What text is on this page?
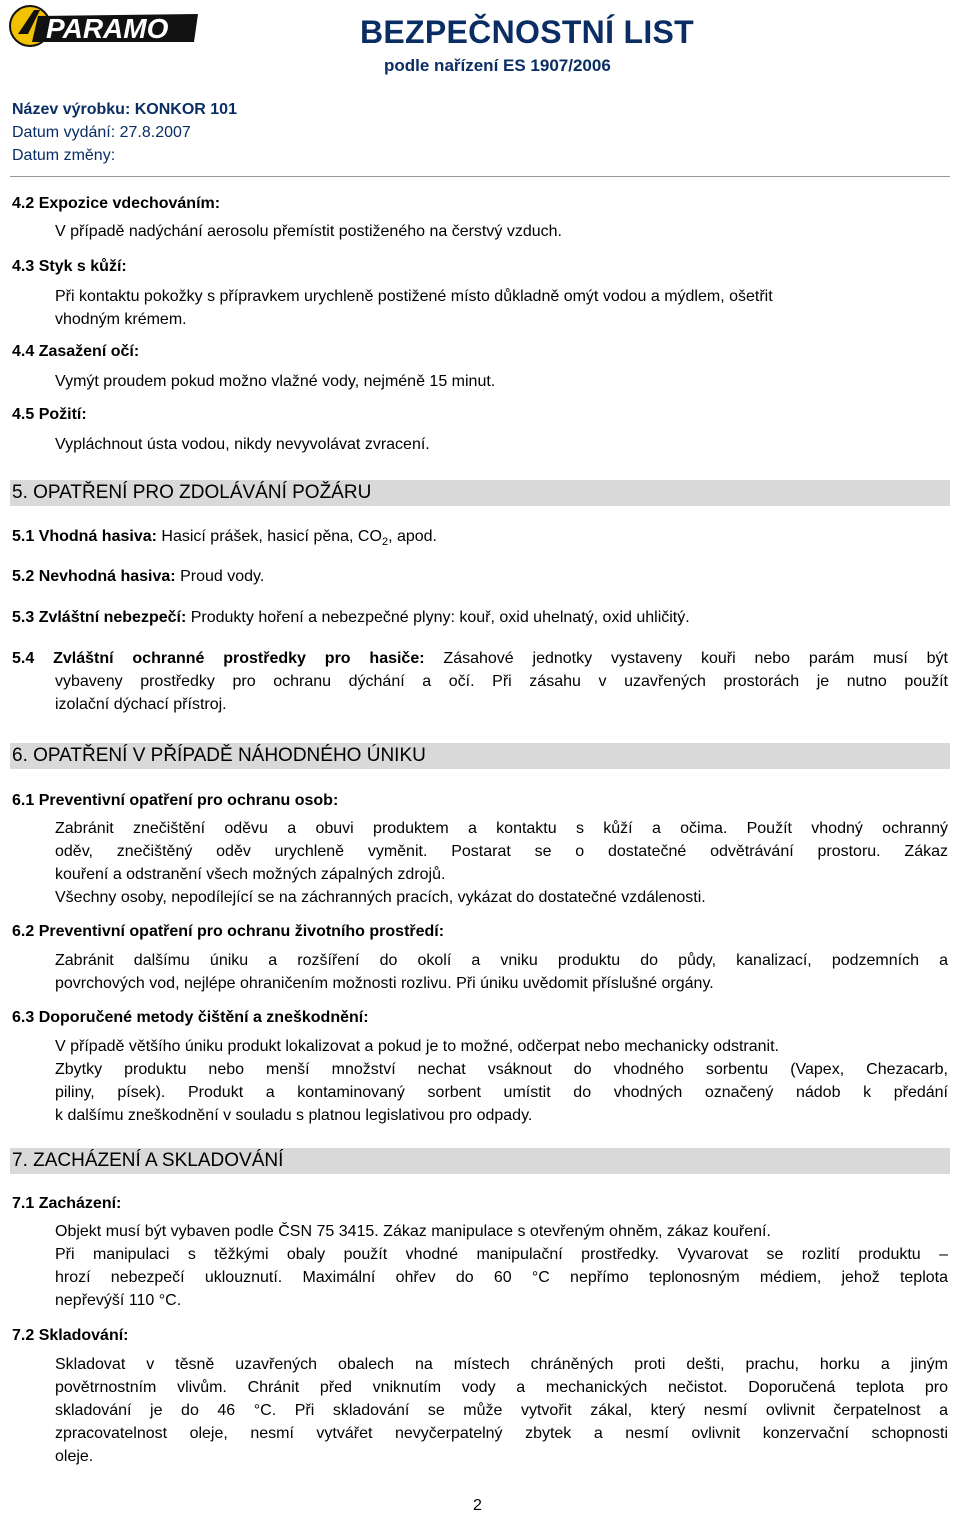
PARAMO	BEZPEČNOSTNÍ LIST
podle nařízení ES 1907/2006
Název výrobku: KONKOR 101
Datum vydání: 27.8.2007
Datum změny:
4.2 Expozice vdechováním:
V případě nadýchání aerosolu přemístit postiženého na čerstvý vzduch.
4.3 Styk s kůží:
Při kontaktu pokožky s přípravkem urychleně postižené místo důkladně omýt vodou a mýdlem, ošetřit
vhodným krémem.
4.4 Zasažení očí:
Vymýt proudem pokud možno vlažné vody, nejméně 15 minut.
4.5 Požití:
Vypláchnout ústa vodou, nikdy nevyvolávat zvracení.
5. OPATŘENÍ PRO ZDOLÁVÁNÍ POŽÁRU
5.1 Vhodná hasiva: Hasicí prášek, hasicí pěna, $CO_2$, apod.
5.2 Nevhodná hasiva: Proud vody.
5.3 Zvláštní nebezpečí: Produkty hoření a nebezpečné plyny: kouř, oxid uhelnatý, oxid uhličitý.
5.4 Zvláštní ochranné prostředky pro hasiče: Zásahové jednotky vystaveny kouři nebo parám musí být
vybaveny prostředky pro ochranu dýchání a očí. Při zásahu v uzavřených prostorách je nutno použít
izolační dýchací přístroj.
6. OPATŘENÍ V PŘÍPADĚ NÁHODNÉHO ÚNIKU
6.1 Preventivní opatření pro ochranu osob:
Zabránit znečištění oděvu a obuvi produktem a kontaktu s kůží a očima. Použít vhodný ochranný
oděv, znečištěný oděv urychleně vyměnit. Postarat se o dostatečné odvětrávání prostoru. Zákaz
kouření a odstranění všech možných zápalných zdrojů.
Všechny osoby, nepodílející se na záchranných pracích, vykázat do dostatečné vzdálenosti.
6.2 Preventivní opatření pro ochranu životního prostředí:
Zabránit dalšímu úniku a rozšíření do okolí a vniku produktu do půdy, kanalizací, podzemních a
povrchových vod, nejlépe ohraničením možnosti rozlivu. Při úniku uvědomit příslušné orgány.
6.3 Doporučené metody čištění a zneškodnění:
V případě většího úniku produkt lokalizovat a pokud je to možné, odčerpat nebo mechanicky odstranit.
Zbytky produktu nebo menší množství nechat vsáknout do vhodného sorbentu (Vapex, Chezacarb,
piliny, písek). Produkt a kontaminovaný sorbent umístit do vhodných označený nádob k předání
k dalšímu zneškodnění v souladu s platnou legislativou pro odpady.
7. ZACHÁZENÍ A SKLADOVÁNÍ
7.1 Zacházení:
Objekt musí být vybaven podle ČSN 75 3415. Zákaz manipulace s otevřeným ohněm, zákaz kouření.
Při manipulaci s těžkými obaly použít vhodné manipulační prostředky. Vyvarovat se rozlití produktu –
hrozí nebezpečí uklouznutí. Maximální ohřev do 60 °C nepřímo teplonosným médiem, jehož teplota
nepřevýší 110 °C.
7.2 Skladování:
Skladovat v těsně uzavřených obalech na místech chráněných proti dešti, prachu, horku a jiným
povětrnostním vlivům. Chránit před vniknutím vody a mechanických nečistot. Doporučená teplota pro
skladování je do 46 °C. Při skladování se může vytvořit zákal, který nesmí ovlivnit čerpatelnost a
zpracovatelnost oleje, nesmí vytvářet nevyčerpatelný zbytek a nesmí ovlivnit konzervační schopnosti
oleje.
2
